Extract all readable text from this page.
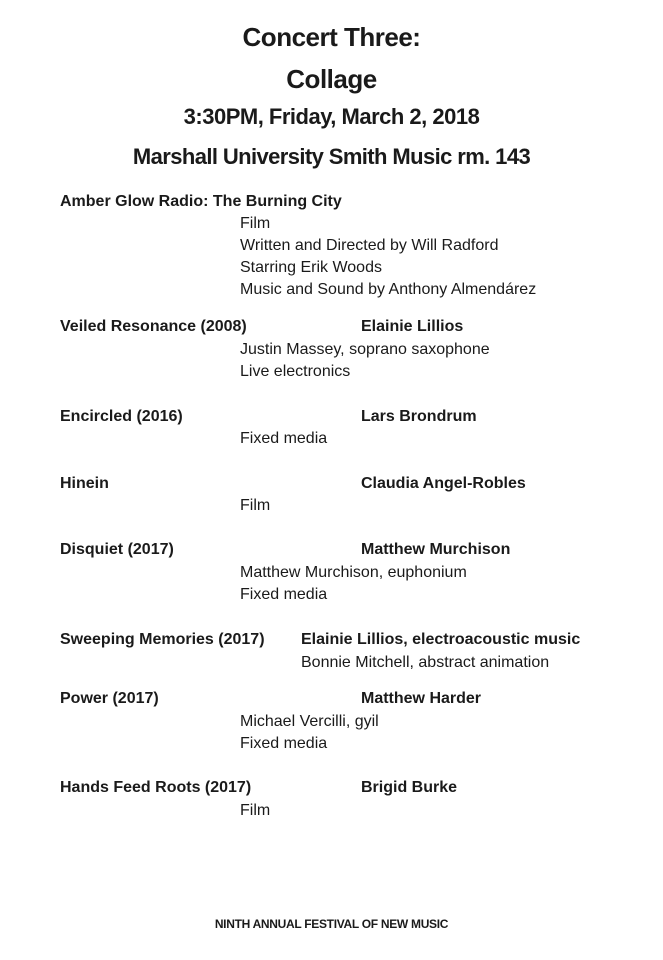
Concert Three:
Collage
3:30PM, Friday, March 2, 2018
Marshall University Smith Music rm. 143
Amber Glow Radio: The Burning City
Film
Written and Directed by Will Radford
Starring Erik Woods
Music and Sound by Anthony Almendárez
Veiled Resonance (2008)	Elainie Lillios
Justin Massey, soprano saxophone
Live electronics
Encircled (2016)	Lars Brondrum
Fixed media
Hinein	Claudia Angel-Robles
Film
Disquiet (2017)	Matthew Murchison
Matthew Murchison, euphonium
Fixed media
Sweeping Memories (2017) Elainie Lillios, electroacoustic music
Bonnie Mitchell, abstract animation
Power (2017)	Matthew Harder
Michael Vercilli, gyil
Fixed media
Hands Feed Roots (2017)	Brigid Burke
Film
NINTH ANNUAL FESTIVAL OF NEW MUSIC
